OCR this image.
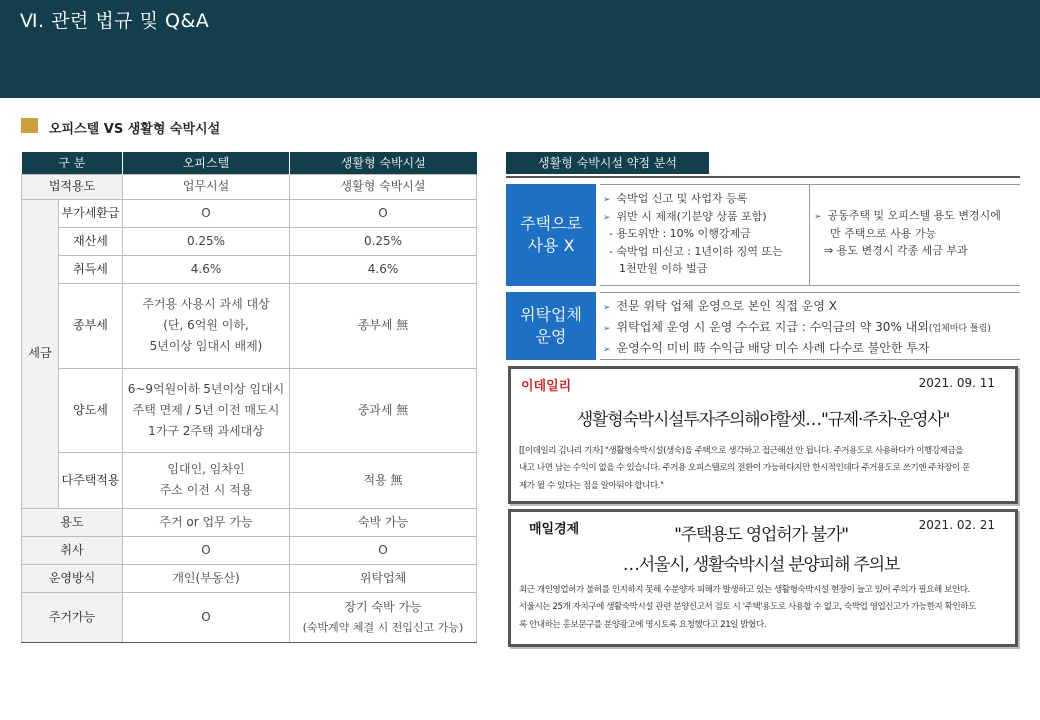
Ⅵ. 관련 법규 및 Q&A
오피스텔 VS 생활형 숙박시설
구 분		오피스텔	생활형 숙박시설
법적용도		업무시설	생활형 숙박시설
세금	부가세환급	O	O
	재산세	0.25%	0.25%
	취득세	4.6%	4.6%
	종부세	주거용 사용시 과세 대상
(단, 6억원 이하,
5년이상 임대시 배제)	종부세 無
	양도세	6~9억원이하 5년이상 임대시
주택 면제 / 5년 이전 매도시
1가구 2주택 과세대상	중과세 無
	다주택적용	임대인, 임차인
주소 이전 시 적용	적용 無
용도		주거 or 업무 가능	숙박 가능
취사		O	O
운영방식		개인(부동산)	위탁업체
주거가능		O	장기 숙박 가능
(숙박계약 체결 시 전입신고 가능)
생활형 숙박시설 약점 분석
주택으로
사용 X
➢ 숙박업 신고 및 사업자 등록
➢ 위반 시 제재(기분양 상품 포함)
- 용도위반 : 10% 이행강제금
- 숙박업 미신고 : 1년이하 징역 또는
1천만원 이하 벌금
➢ 공동주택 및 오피스텔 용도 변경시에
만 주택으로 사용 가능
⇒ 용도 변경시 각종 세금 부과
위탁업체
운영
➢ 전문 위탁 업체 운영으로 본인 직접 운영 X
➢ 위탁업체 운영 시 운영 수수료 지급 : 수익금의 약 30% 내외(업체마다 틀림)
➢ 운영수익 미비 時 수익금 배당 미수 사례 다수로 불안한 투자
이데일리	2021. 09. 11
생활형숙박시설투자주의해야할셋…"규제·주차·운영사"
[[이데일리 김나리 기자] "생활형숙박시설(생숙)을 주택으로 생각하고 접근해선 안 됩니다. 주거용도로 사용하다가 이행강제금을
내고 나면 남는 수익이 없을 수 있습니다. 주거용 오피스텔로의 전환이 가능하다지만 한시적인데다 주거용도로 쓰기엔 주차장이 문
제가 될 수 있다는 점을 알아둬야 합니다."
매일경제	2021. 02. 21
"주택용도 영업허가 불가"
…서울시, 생활숙박시설 분양피해 주의보
최근 개인영업허가 불허를 인지하지 못해 수분양자 피해가 발생하고 있는 생활형숙박시설 현장이 늘고 있어 주의가 필요해 보인다.
서울시는 25개 자치구에 생활숙박시설 관련 분양신고서 검토 시 '주택'용도로 사용할 수 없고, 숙박업 영업신고가 가능한지 확인하도
록 안내하는 홍보문구를 분양광고에 명시토록 요청했다고 21일 밝혔다.
